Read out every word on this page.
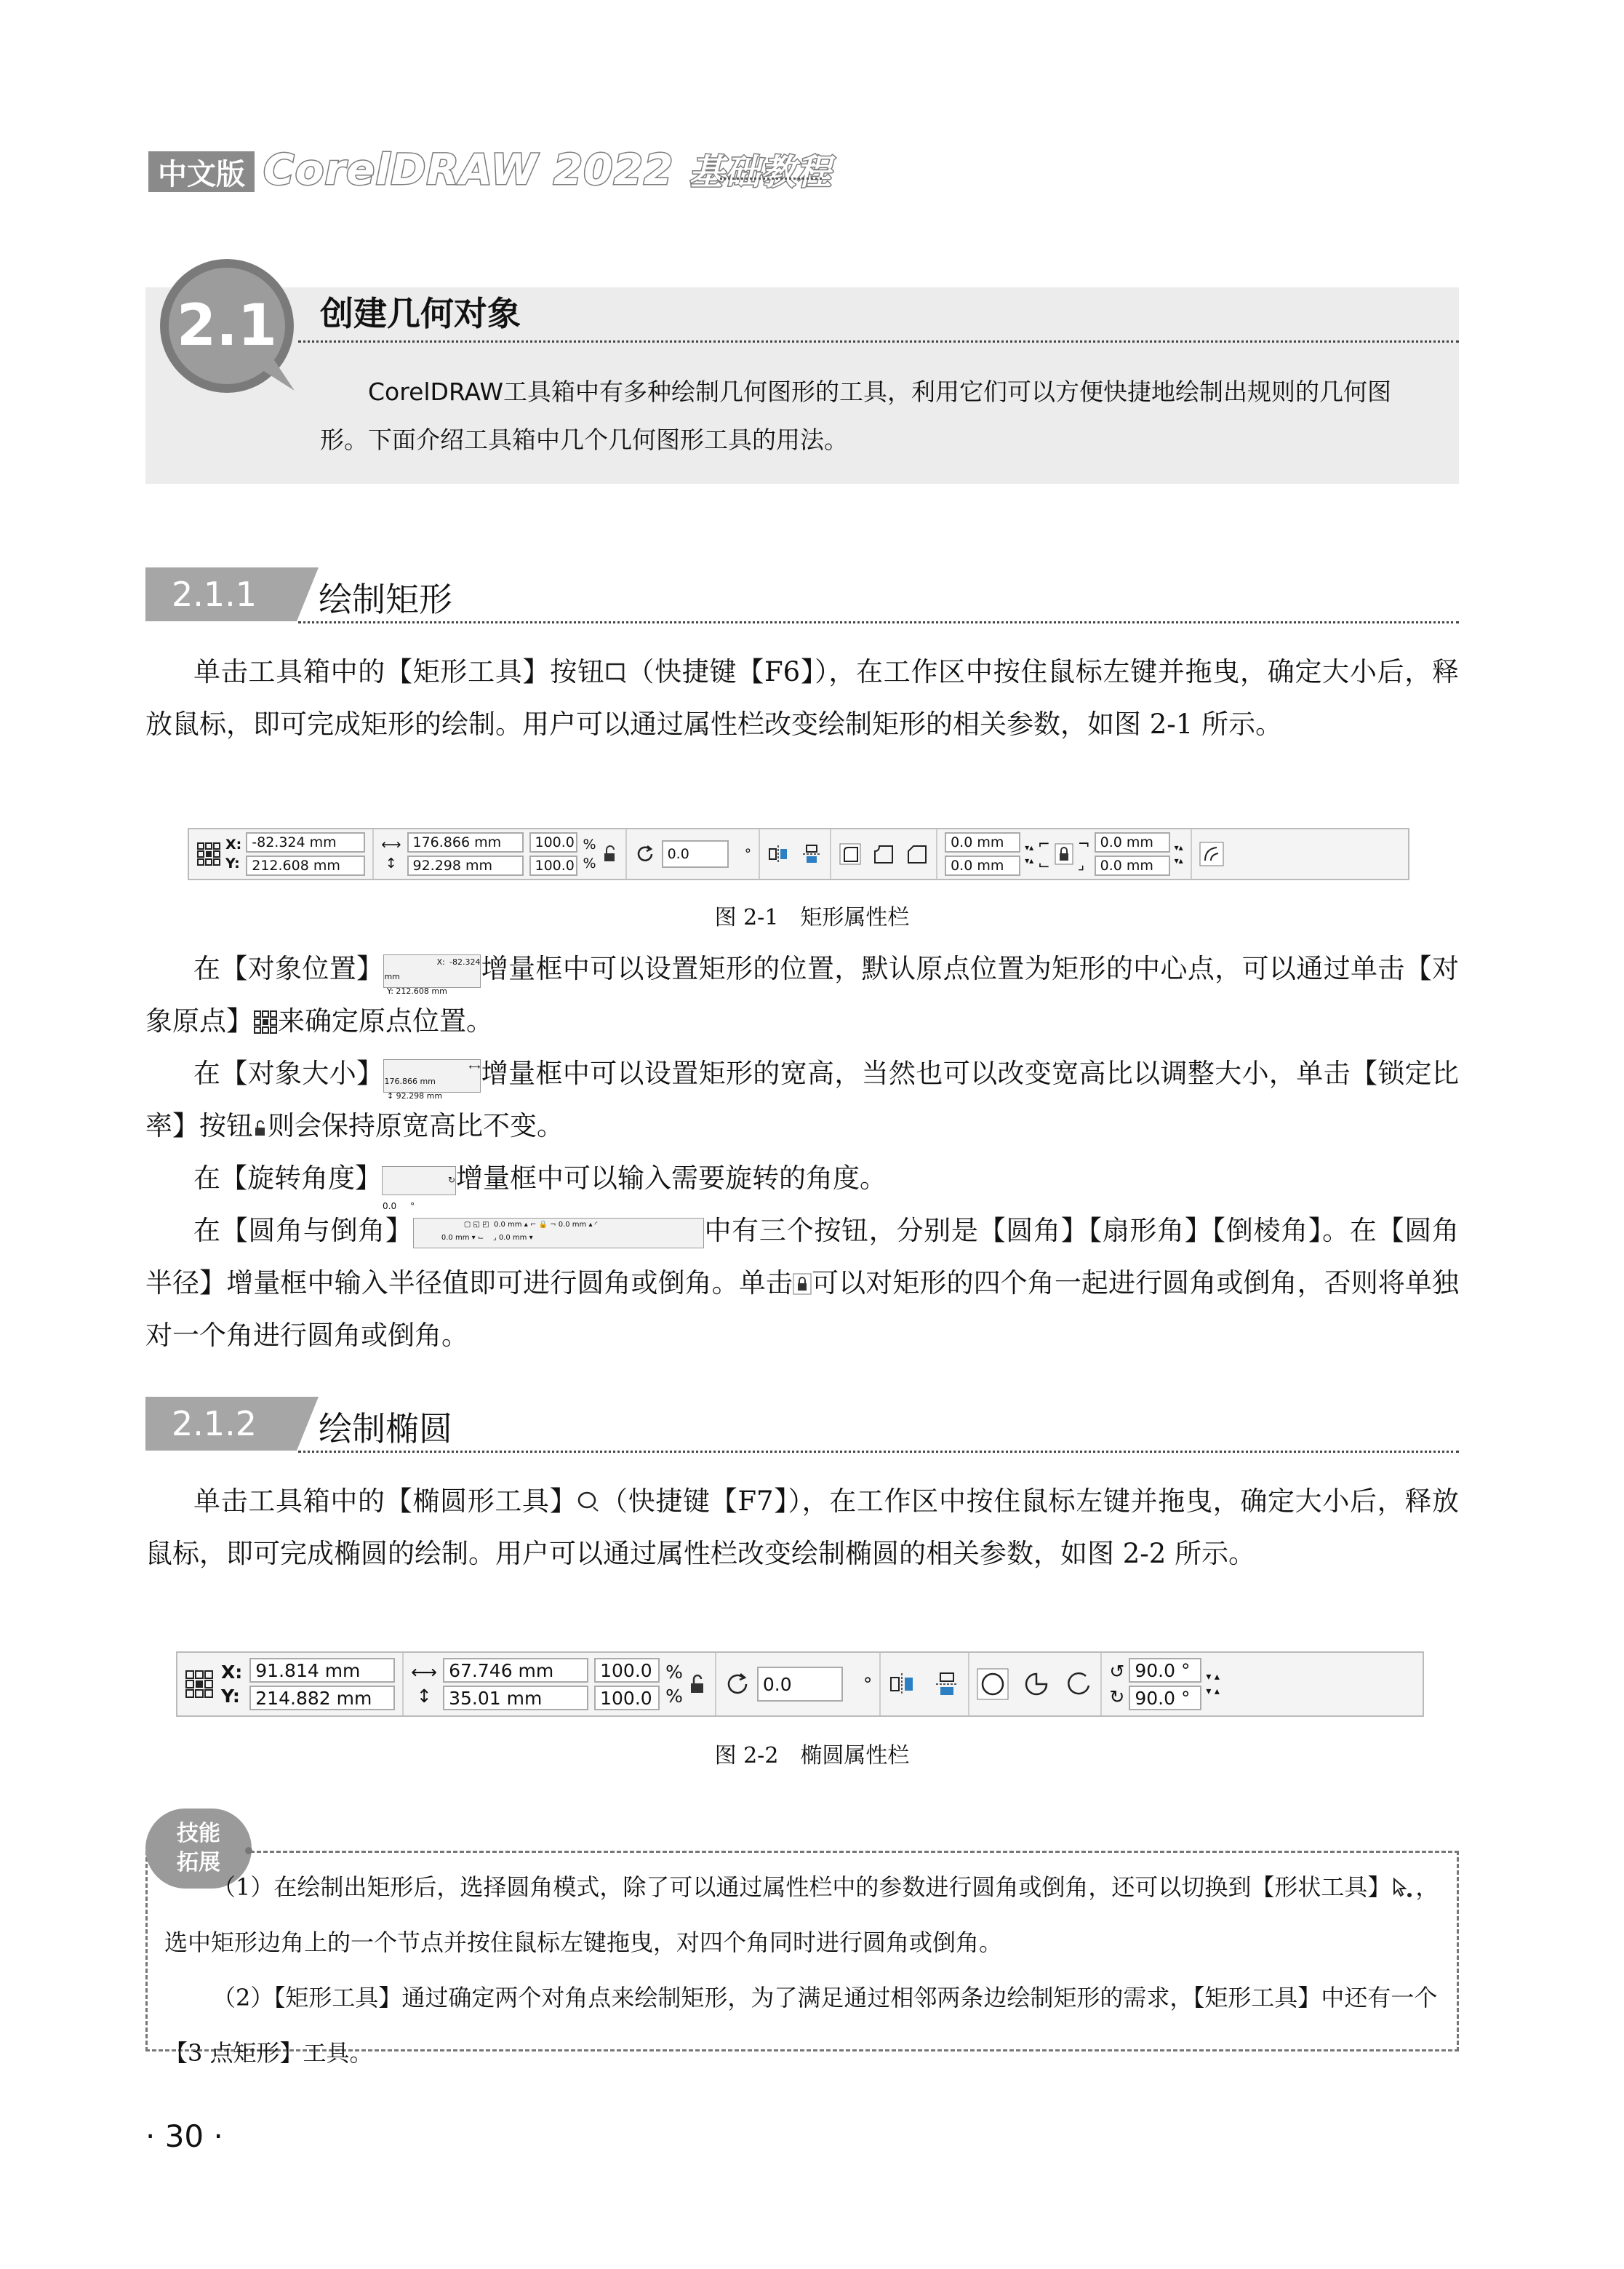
中文版 CorelDRAW 2022 基础教程
2.1 创建几何对象
CorelDRAW工具箱中有多种绘制几何图形的工具，利用它们可以方便快捷地绘制出规则的几何图形。下面介绍工具箱中几个几何图形工具的用法。
2.1.1	绘制矩形
单击工具箱中的【矩形工具】按钮 （快捷键【F6】），在工作区中按住鼠标左键并拖曳，确定大小后，释放鼠标，即可完成矩形的绘制。用户可以通过属性栏改变绘制矩形的相关参数，如图 2-1 所示。
X:
Y:
-82.324 mm
212.608 mm
⟷
↕
176.866 mm
92.298 mm
100.0
100.0
%
%
0.0	°
0.0 mm
0.0 mm
▾▴
▾▴
⌐
⌙
¬
⌟
0.0 mm
0.0 mm
▾▴
▾▴
图 2-1　矩形属性栏
在【对象位置】	X: -82.324 mm
Y: 212.608 mm增量框中可以设置矩形的位置，默认原点位置为矩形的中心点，可以通过单击【对象原点】 来确定原点位置。
在【对象大小】	⟷ 176.866 mm
↕ 92.298 mm增量框中可以设置矩形的宽高，当然也可以改变宽高比以调整大小，单击【锁定比率】按钮 则会保持原宽高比不变。
在【旋转角度】	↻ 0.0 °增量框中可以输入需要旋转的角度。
在【圆角与倒角】	▢ ◱ ◰  0.0 mm ▴ ⌐ 🔒 ¬ 0.0 mm ▴ ◜
0.0 mm ▾ ⌙    ⌟ 0.0 mm ▾	中有三个按钮，分别是【圆角】【扇形角】【倒棱角】。在【圆角半径】增量框中输入半径值即可进行圆角或倒角。单击 可以对矩形的四个角一起进行圆角或倒角，否则将单独对一个角进行圆角或倒角。
2.1.2	绘制椭圆
单击工具箱中的【椭圆形工具】 （快捷键【F7】），在工作区中按住鼠标左键并拖曳，确定大小后，释放鼠标，即可完成椭圆的绘制。用户可以通过属性栏改变绘制椭圆的相关参数，如图 2-2 所示。
X:
Y:
91.814 mm
214.882 mm
⟷
↕
67.746 mm
35.01 mm
100.0
100.0
%
%
0.0	°
↺
↻
90.0 °
90.0 °
▾ ▴
▾ ▴
图 2-2　椭圆属性栏
技能
拓展
（1）在绘制出矩形后，选择圆角模式，除了可以通过属性栏中的参数进行圆角或倒角，还可以切换到【形状工具】 ，选中矩形边角上的一个节点并按住鼠标左键拖曳，对四个角同时进行圆角或倒角。
（2）【矩形工具】通过确定两个对角点来绘制矩形，为了满足通过相邻两条边绘制矩形的需求，【矩形工具】中还有一个【3 点矩形】工具。
· 30 ·
